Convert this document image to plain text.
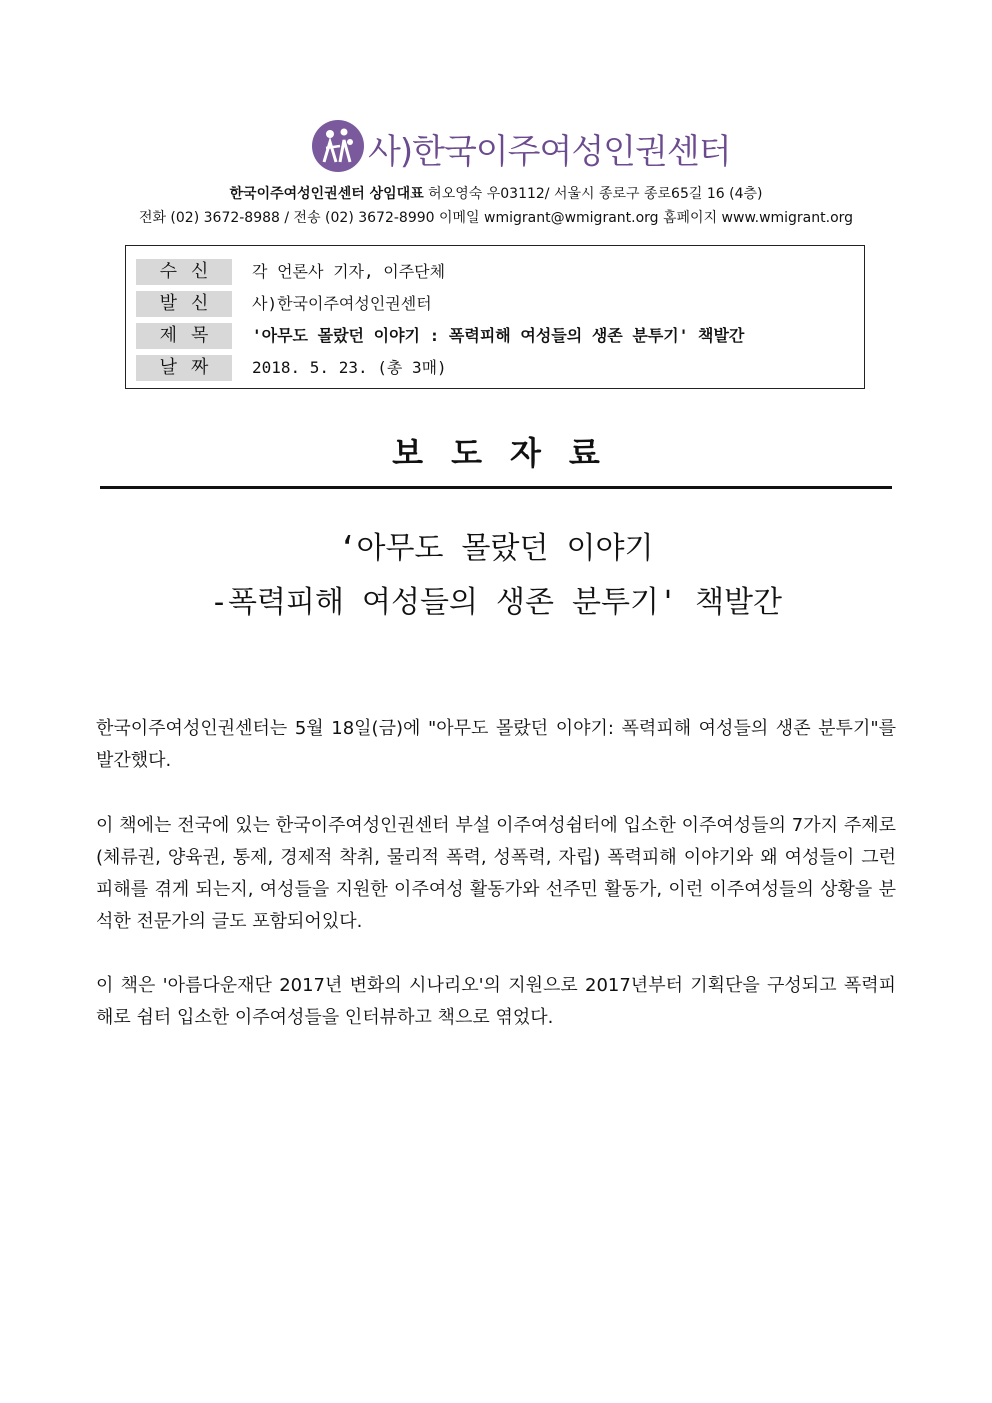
사)한국이주여성인권센터
한국이주여성인권센터 상임대표 허오영숙 우03112/ 서울시 종로구 종로65길 16 (4층)
전화 (02) 3672-8988 / 전송 (02) 3672-8990 이메일 wmigrant@wmigrant.org 홈페이지 www.wmigrant.org
수신	각 언론사 기자, 이주단체
발신	사)한국이주여성인권센터
제목	'아무도 몰랐던 이야기 : 폭력피해 여성들의 생존 분투기' 책발간
날짜	2018. 5. 23. (총 3매)
보도자료
‘아무도 몰랐던 이야기
-폭력피해 여성들의 생존 분투기' 책발간

한국이주여성인권센터는 5월 18일(금)에 "아무도 몰랐던 이야기: 폭력피해 여성들의 생존 분투기"를 발간했다.

이 책에는 전국에 있는 한국이주여성인권센터 부설 이주여성쉼터에 입소한 이주여성들의 7가지 주제로(체류권, 양육권, 통제, 경제적 착취, 물리적 폭력, 성폭력, 자립) 폭력피해 이야기와 왜 여성들이 그런 피해를 겪게 되는지, 여성들을 지원한 이주여성 활동가와 선주민 활동가, 이런 이주여성들의 상황을 분석한 전문가의 글도 포함되어있다.

이 책은 '아름다운재단 2017년 변화의 시나리오'의 지원으로 2017년부터 기획단을 구성되고 폭력피해로 쉼터 입소한 이주여성들을 인터뷰하고 책으로 엮었다.
